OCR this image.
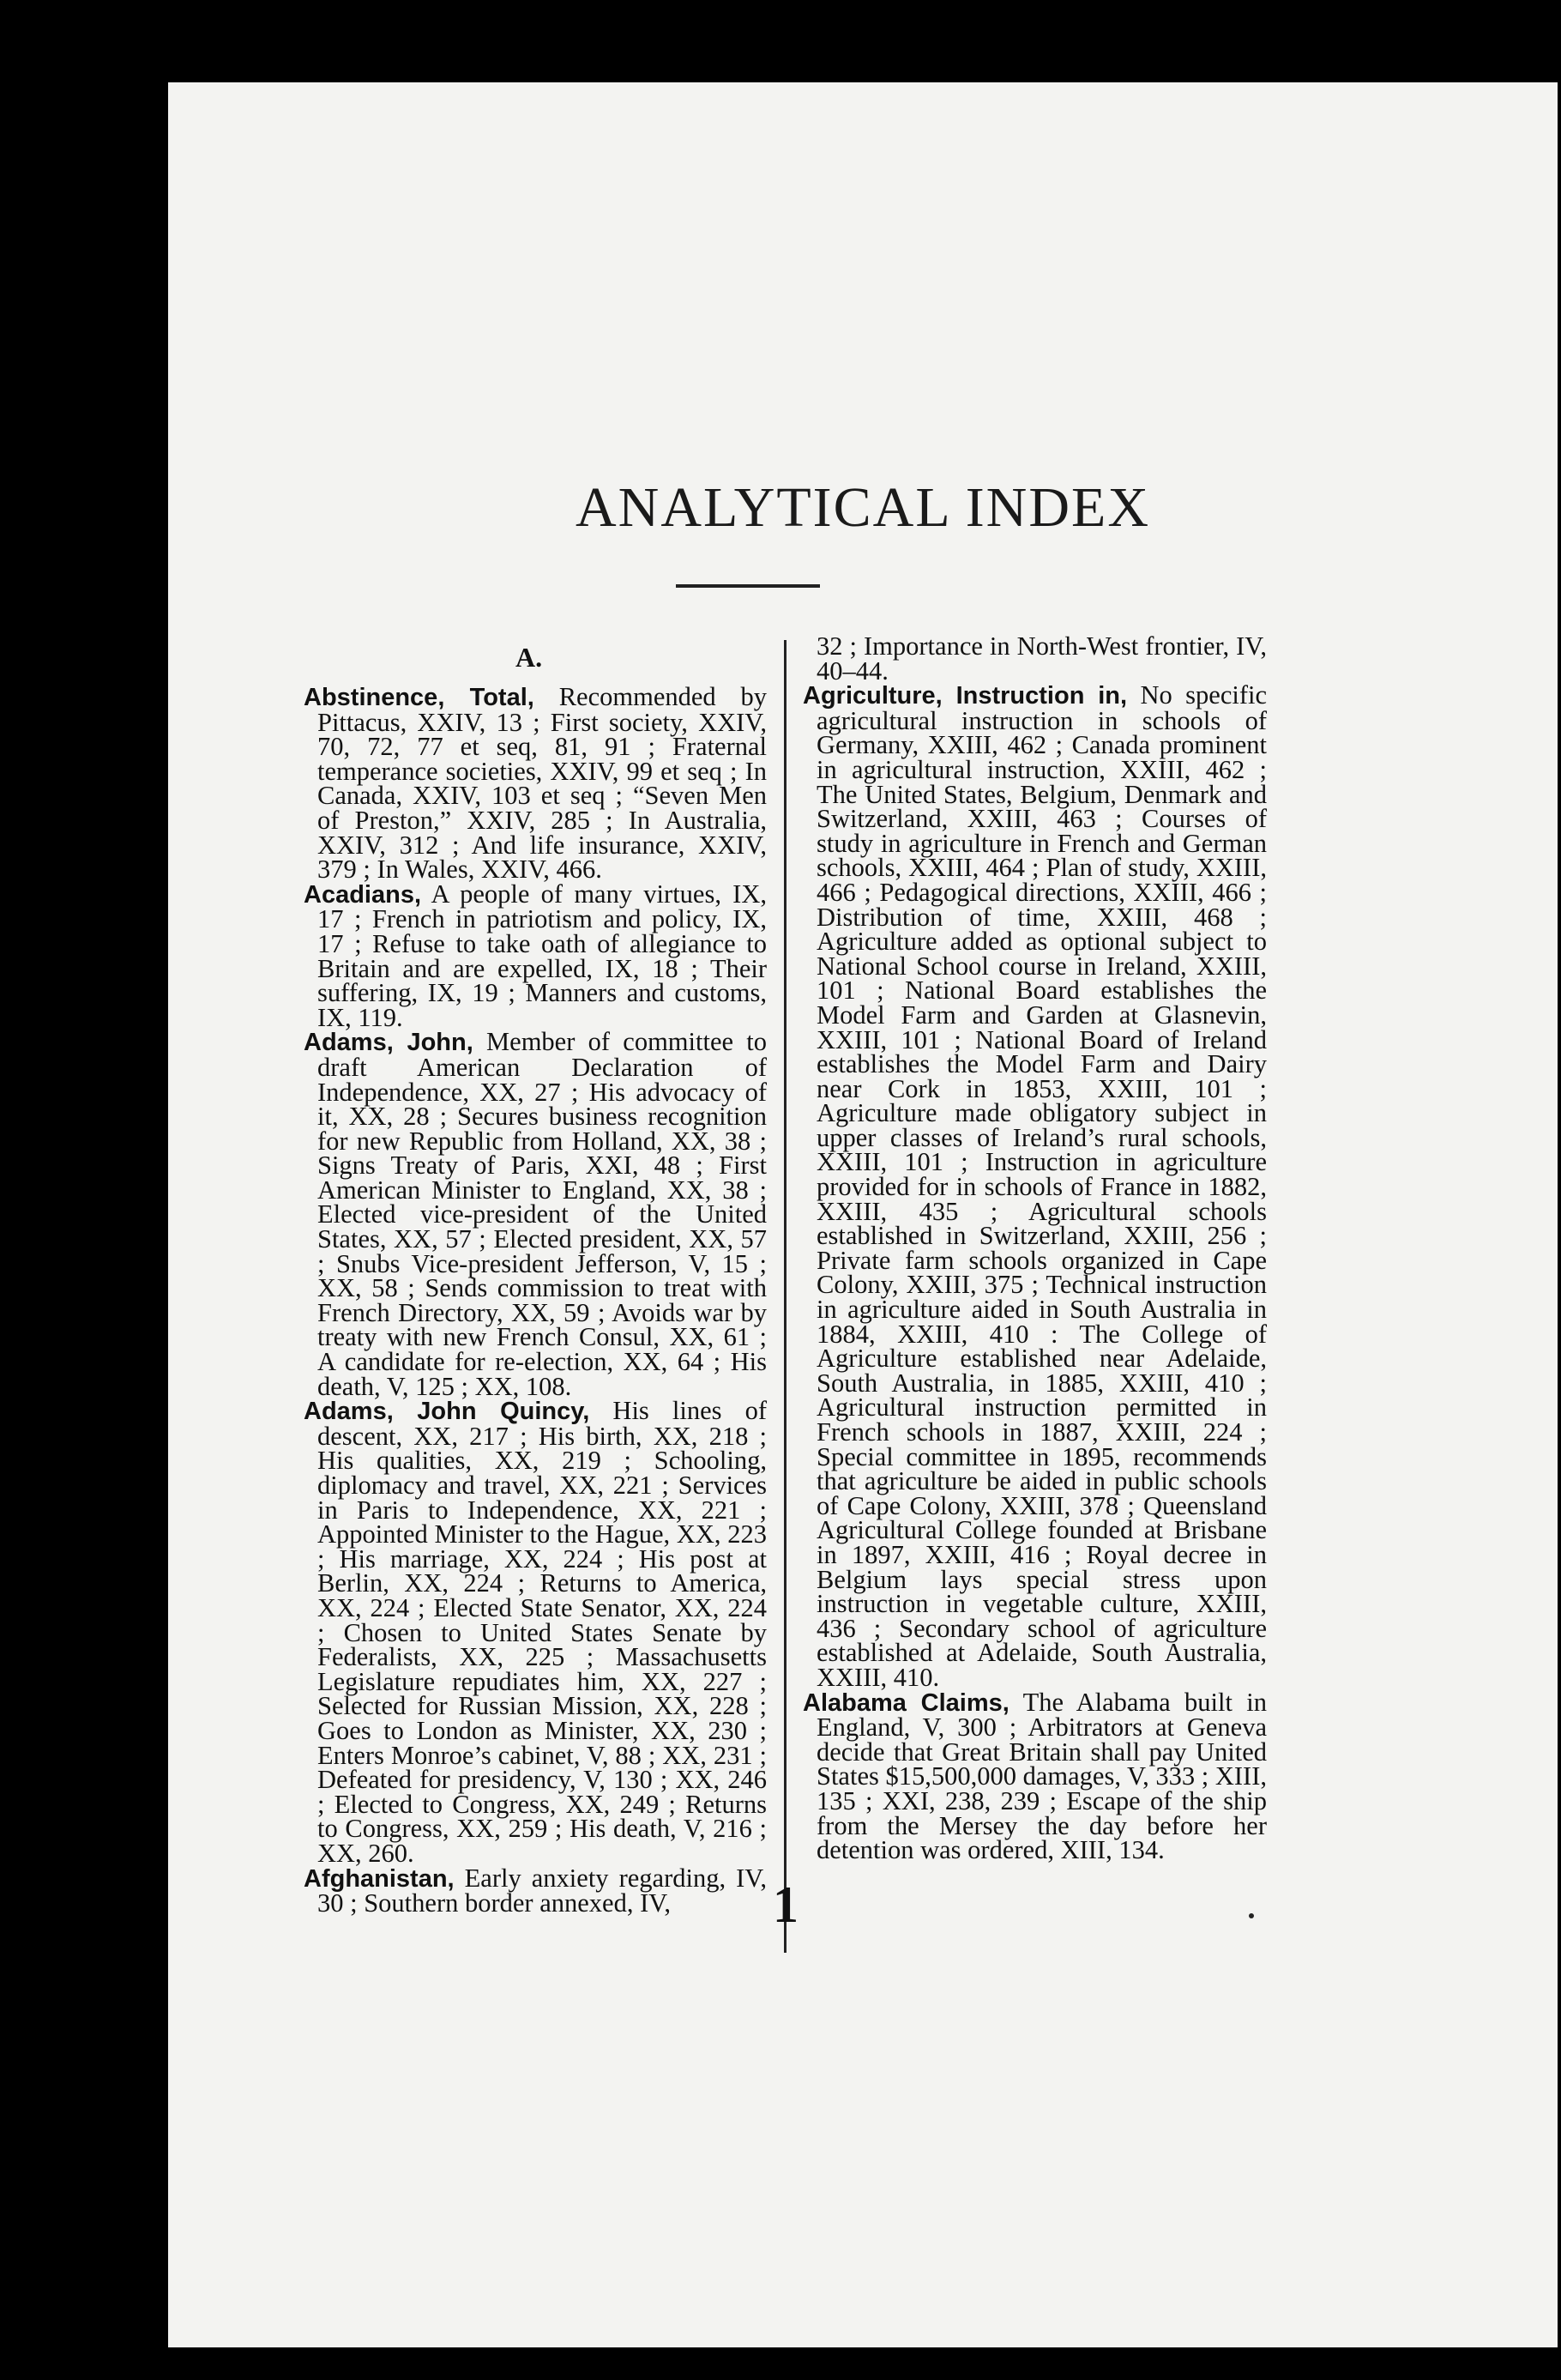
ANALYTICAL INDEX
A.

Abstinence, Total, Recommended by Pittacus, XXIV, 13 ; First society, XXIV, 70, 72, 77 et seq, 81, 91 ; Fraternal temperance societies, XXIV, 99 et seq ; In Canada, XXIV, 103 et seq ; “Seven Men of Preston,” XXIV, 285 ; In Australia, XXIV, 312 ; And life insurance, XXIV, 379 ; In Wales, XXIV, 466.

Acadians, A people of many virtues, IX, 17 ; French in patriotism and policy, IX, 17 ; Refuse to take oath of allegiance to Britain and are expelled, IX, 18 ; Their suffering, IX, 19 ; Manners and customs, IX, 119.

Adams, John, Member of committee to draft American Declaration of Independence, XX, 27 ; His advocacy of it, XX, 28 ; Secures business recognition for new Republic from Holland, XX, 38 ; Signs Treaty of Paris, XXI, 48 ; First American Minister to England, XX, 38 ; Elected vice-president of the United States, XX, 57 ; Elected president, XX, 57 ; Snubs Vice-president Jefferson, V, 15 ; XX, 58 ; Sends commission to treat with French Directory, XX, 59 ; Avoids war by treaty with new French Consul, XX, 61 ; A candidate for re-election, XX, 64 ; His death, V, 125 ; XX, 108.

Adams, John Quincy, His lines of descent, XX, 217 ; His birth, XX, 218 ; His qualities, XX, 219 ; Schooling, diplomacy and travel, XX, 221 ; Services in Paris to Independence, XX, 221 ; Appointed Minister to the Hague, XX, 223 ; His marriage, XX, 224 ; His post at Berlin, XX, 224 ; Returns to America, XX, 224 ; Elected State Senator, XX, 224 ; Chosen to United States Senate by Federalists, XX, 225 ; Massachusetts Legislature repudiates him, XX, 227 ; Selected for Russian Mission, XX, 228 ; Goes to London as Minister, XX, 230 ; Enters Monroe’s cabinet, V, 88 ; XX, 231 ; Defeated for presidency, V, 130 ; XX, 246 ; Elected to Congress, XX, 249 ; Returns to Congress, XX, 259 ; His death, V, 216 ; XX, 260.

Afghanistan, Early anxiety regarding, IV, 30 ; Southern border annexed, IV,

32 ; Importance in North-West frontier, IV, 40–44.

Agriculture, Instruction in, No specific agricultural instruction in schools of Germany, XXIII, 462 ; Canada prominent in agricultural instruction, XXIII, 462 ; The United States, Belgium, Denmark and Switzerland, XXIII, 463 ; Courses of study in agriculture in French and German schools, XXIII, 464 ; Plan of study, XXIII, 466 ; Pedagogical directions, XXIII, 466 ; Distribution of time, XXIII, 468 ; Agriculture added as optional subject to National School course in Ireland, XXIII, 101 ; National Board establishes the Model Farm and Garden at Glasnevin, XXIII, 101 ; National Board of Ireland establishes the Model Farm and Dairy near Cork in 1853, XXIII, 101 ; Agriculture made obligatory subject in upper classes of Ireland’s rural schools, XXIII, 101 ; Instruction in agriculture provided for in schools of France in 1882, XXIII, 435 ; Agricultural schools established in Switzerland, XXIII, 256 ; Private farm schools organized in Cape Colony, XXIII, 375 ; Technical instruction in agriculture aided in South Australia in 1884, XXIII, 410 : The College of Agriculture established near Adelaide, South Australia, in 1885, XXIII, 410 ; Agricultural instruction permitted in French schools in 1887, XXIII, 224 ; Special committee in 1895, recommends that agriculture be aided in public schools of Cape Colony, XXIII, 378 ; Queensland Agricultural College founded at Brisbane in 1897, XXIII, 416 ; Royal decree in Belgium lays special stress upon instruction in vegetable culture, XXIII, 436 ; Secondary school of agriculture established at Adelaide, South Australia, XXIII, 410.

Alabama Claims, The Alabama built in England, V, 300 ; Arbitrators at Geneva decide that Great Britain shall pay United States $15,500,000 damages, V, 333 ; XIII, 135 ; XXI, 238, 239 ; Escape of the ship from the Mersey the day before her detention was ordered, XIII, 134.

1
